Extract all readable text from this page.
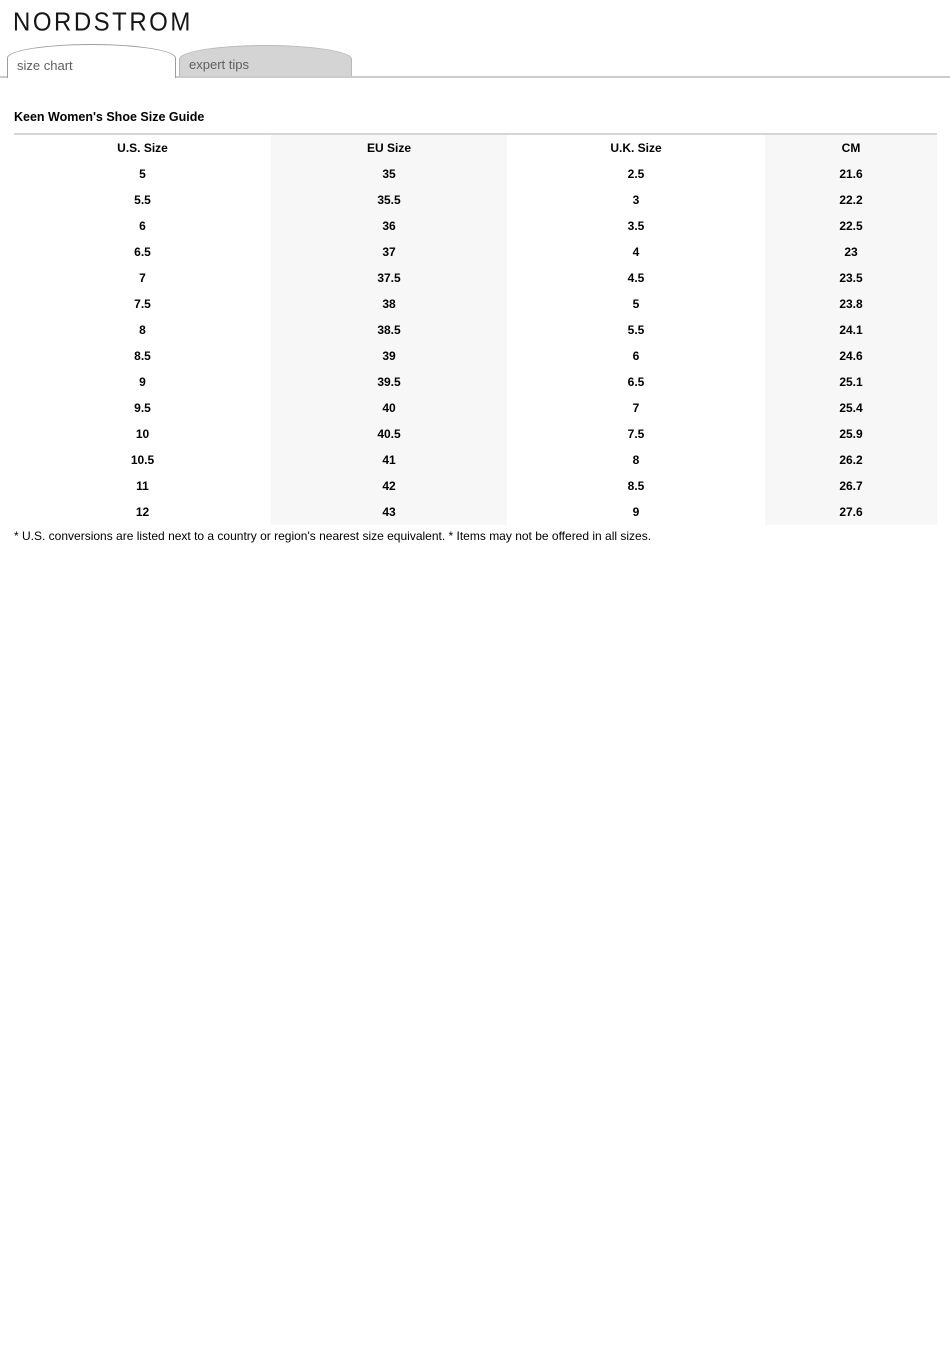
NORDSTROM
expert tips
size chart
Keen Women's Shoe Size Guide
U.S. Size	EU Size	U.K. Size	CM
5	35	2.5	21.6
5.5	35.5	3	22.2
6	36	3.5	22.5
6.5	37	4	23
7	37.5	4.5	23.5
7.5	38	5	23.8
8	38.5	5.5	24.1
8.5	39	6	24.6
9	39.5	6.5	25.1
9.5	40	7	25.4
10	40.5	7.5	25.9
10.5	41	8	26.2
11	42	8.5	26.7
12	43	9	27.6

* U.S. conversions are listed next to a country or region's nearest size equivalent. * Items may not be offered in all sizes.
